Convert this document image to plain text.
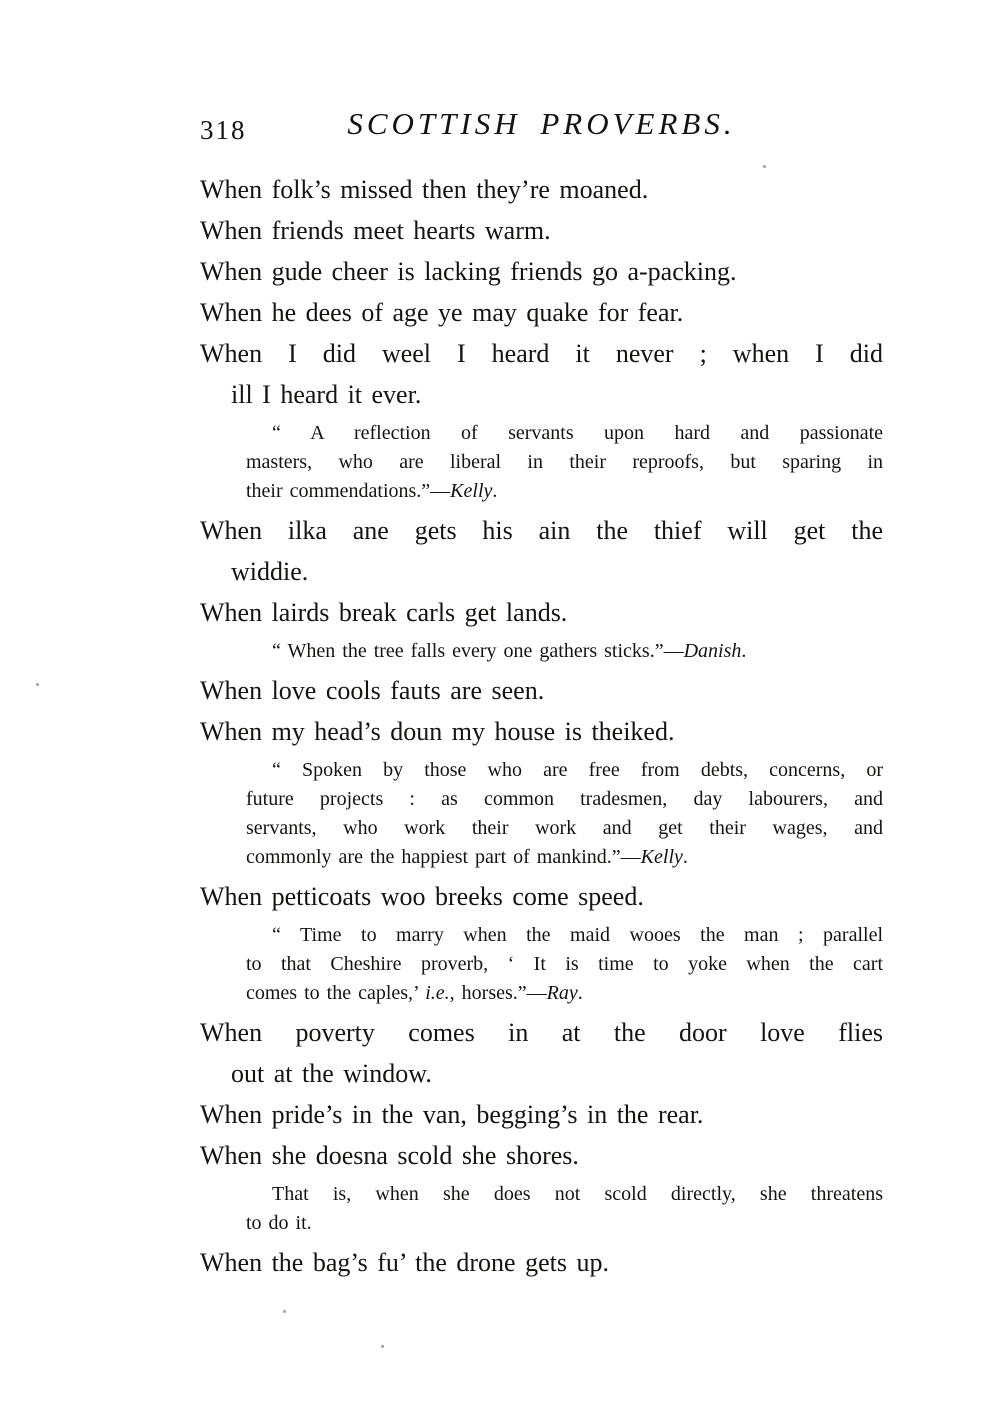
318	SCOTTISH PROVERBS.
When folk’s missed then they’re moaned.
When friends meet hearts warm.
When gude cheer is lacking friends go a-packing.
When he dees of age ye may quake for fear.
When I did weel I heard it never ; when I did
ill I heard it ever.
“ A reflection of servants upon hard and passionate
masters, who are liberal in their reproofs, but sparing in
their commendations.”—Kelly.
When ilka ane gets his ain the thief will get the
widdie.
When lairds break carls get lands.
“ When the tree falls every one gathers sticks.”—Danish.
When love cools fauts are seen.
When my head’s doun my house is theiked.
“ Spoken by those who are free from debts, concerns, or
future projects : as common tradesmen, day labourers, and
servants, who work their work and get their wages, and
commonly are the happiest part of mankind.”—Kelly.
When petticoats woo breeks come speed.
“ Time to marry when the maid wooes the man ; parallel
to that Cheshire proverb, ‘ It is time to yoke when the cart
comes to the caples,’ i.e., horses.”—Ray.
When poverty comes in at the door love flies
out at the window.
When pride’s in the van, begging’s in the rear.
When she doesna scold she shores.
That is, when she does not scold directly, she threatens
to do it.
When the bag’s fu’ the drone gets up.
